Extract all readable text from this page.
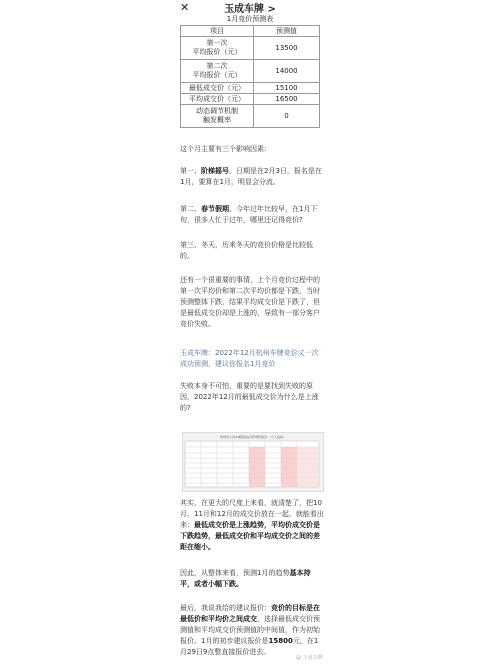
✕	玉成车牌 >
1月竞价预测表
项目	预测值
第一次
平均报价（元）	13500
第二次
平均报价（元）	14000
最低成交价（元）	15100
平均成交价（元）	16500
动态调节机制
触发概率	0
这个月主要有三个影响因素:
第一、阶梯摇号。日期是在2月3日，报名是在1月，要算在1月，明显会分流。
第二、春节假期。今年过年比较早，在1月下旬，很多人忙于过年，哪里还记得竞价?
第三、冬天，历来冬天的竞价价格是比较低的。
还有一个很重要的事情，上个月竞价过程中的第一次平均价和第二次平均价都是下跌，当时预测整体下跌，结果平均成交价是下跌了，但是最低成交价却是上涨的，导致有一部分客户竞价失败。
玉成车牌：2022年12月杭州车牌竞价又一次成功预测，建议你报名1月竞价
失败本身不可怕，重要的是要找到失败的原因，2022年12月的最低成交价为什么是上涨的?
杭州市小客车增量指标竞价情况统计（个人指标）
其实，在更大的尺度上来看，就清楚了，把10月、11月和12月的成交价放在一起，就能看出来：最低成交价是上涨趋势，平均价成交价是下跌趋势，最低成交价和平均成交价之间的差距在缩小。
因此，从整体来看，预测1月的趋势基本持平，或者小幅下跌。
最后，我说我给的建议报价：竞价的目标是在最低价和平均价之间成交，选择最低成交价预测值和平均成交价预测值的中间值，作为初始报价。1月的初步建议报价是15800元，在1月29日9点整直接报价进去。
@ 玉成车牌
